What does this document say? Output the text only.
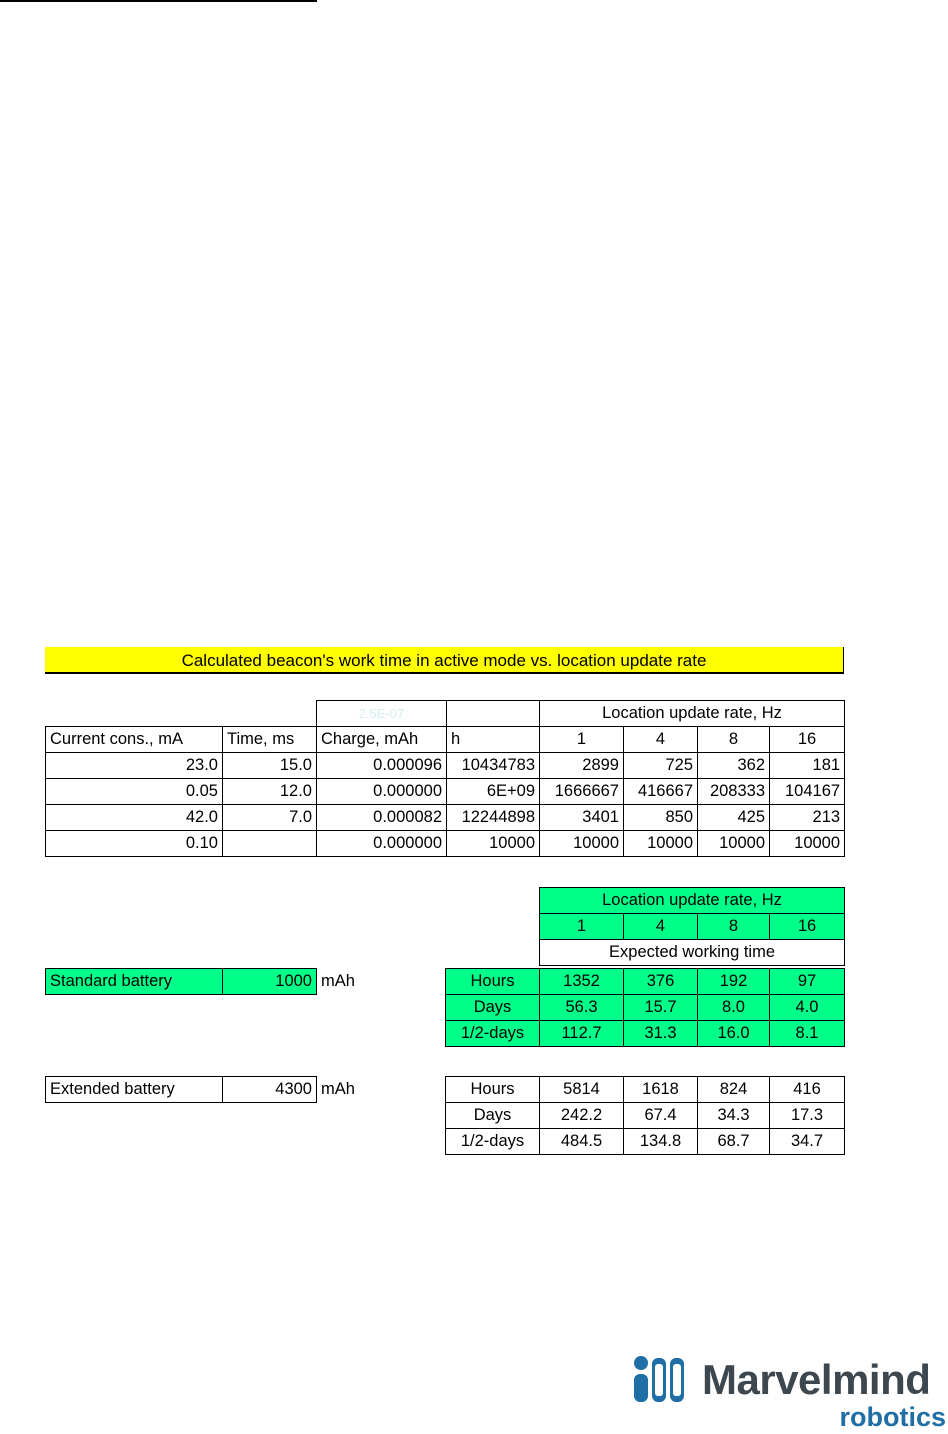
Calculated beacon's work time in active mode vs. location update rate
		2.5E-07		Location update rate, Hz			
Current cons., mA	Time, ms	Charge, mAh	h	1	4	8	16
23.0	15.0	0.000096	10434783	2899	725	362	181
0.05	12.0	0.000000	6E+09	1666667	416667	208333	104167
42.0	7.0	0.000082	12244898	3401	850	425	213
0.10		0.000000	10000	10000	10000	10000	10000
Location update rate, Hz
1	4	8	16
Expected working time
Standard battery	1000	mAh	Hours	1352	376	192	97
Days	56.3	15.7	8.0	4.0
1/2-days	112.7	31.3	16.0	8.1
Extended battery	4300	mAh	Hours	5814	1618	824	416
Days	242.2	67.4	34.3	17.3
1/2-days	484.5	134.8	68.7	34.7
Marvelmind
robotics
